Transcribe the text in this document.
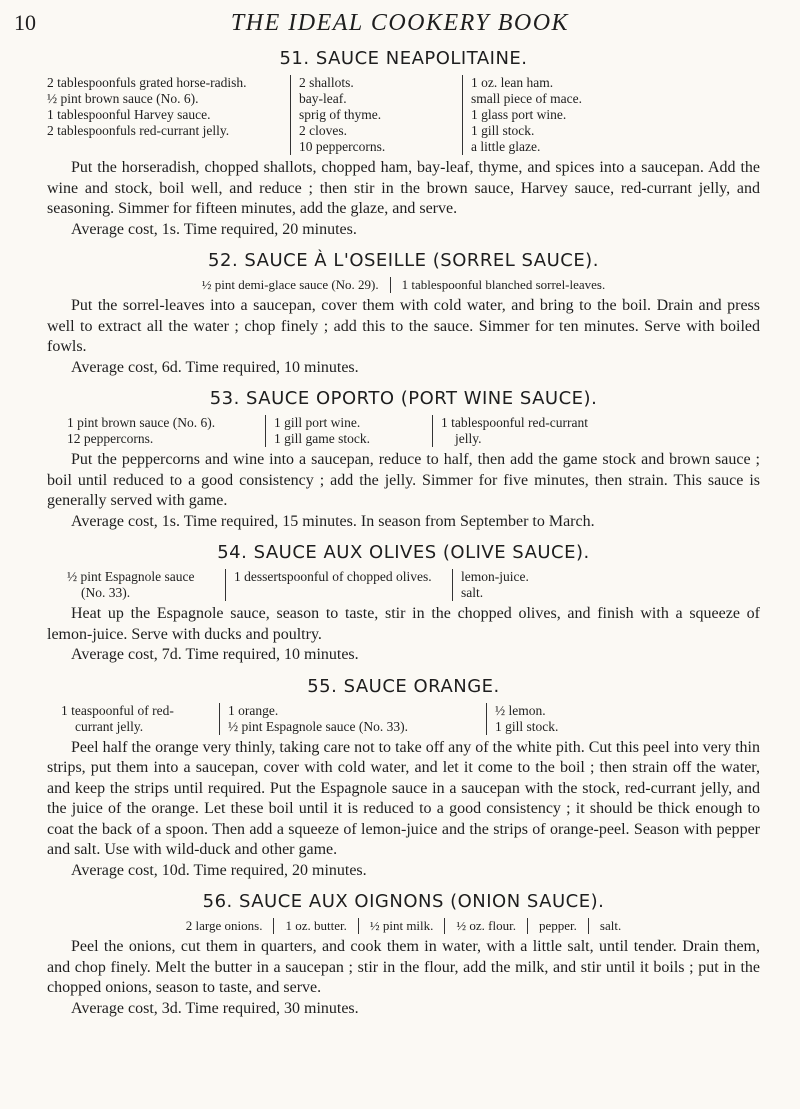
10	THE IDEAL COOKERY BOOK
51. SAUCE NEAPOLITAINE.
2 tablespoonfuls grated horse-radish.
½ pint brown sauce (No. 6).
1 tablespoonful Harvey sauce.
2 tablespoonfuls red-currant jelly.
2 shallots.
bay-leaf.
sprig of thyme.
2 cloves.
10 peppercorns.
1 oz. lean ham.
small piece of mace.
1 glass port wine.
1 gill stock.
a little glaze.

Put the horseradish, chopped shallots, chopped ham, bay-leaf, thyme, and spices into a saucepan. Add the wine and stock, boil well, and reduce ; then stir in the brown sauce, Harvey sauce, red-currant jelly, and seasoning. Simmer for fifteen minutes, add the glaze, and serve.

Average cost, 1s. Time required, 20 minutes.

52. SAUCE À L'OSEILLE (SORREL SAUCE).
½ pint demi-glace sauce (No. 29). 1 tablespoonful blanched sorrel-leaves.

Put the sorrel-leaves into a saucepan, cover them with cold water, and bring to the boil. Drain and press well to extract all the water ; chop finely ; add this to the sauce. Simmer for ten minutes. Serve with boiled fowls.

Average cost, 6d. Time required, 10 minutes.

53. SAUCE OPORTO (PORT WINE SAUCE).
1 pint brown sauce (No. 6).
12 peppercorns.
1 gill port wine.
1 gill game stock.
1 tablespoonful red-currant jelly.

Put the peppercorns and wine into a saucepan, reduce to half, then add the game stock and brown sauce ; boil until reduced to a good consistency ; add the jelly. Simmer for five minutes, then strain. This sauce is generally served with game.

Average cost, 1s. Time required, 15 minutes. In season from September to March.

54. SAUCE AUX OLIVES (OLIVE SAUCE).
½ pint Espagnole sauce (No. 33).
1 dessertspoonful of chopped olives.	lemon-juice.
salt.

Heat up the Espagnole sauce, season to taste, stir in the chopped olives, and finish with a squeeze of lemon-juice. Serve with ducks and poultry.

Average cost, 7d. Time required, 10 minutes.

55. SAUCE ORANGE.
1 teaspoonful of red-currant jelly.
1 orange.
½ pint Espagnole sauce (No. 33).
½ lemon.
1 gill stock.

Peel half the orange very thinly, taking care not to take off any of the white pith. Cut this peel into very thin strips, put them into a saucepan, cover with cold water, and let it come to the boil ; then strain off the water, and keep the strips until required. Put the Espagnole sauce in a saucepan with the stock, red-currant jelly, and the juice of the orange. Let these boil until it is reduced to a good consistency ; it should be thick enough to coat the back of a spoon. Then add a squeeze of lemon-juice and the strips of orange-peel. Season with pepper and salt. Use with wild-duck and other game.

Average cost, 10d. Time required, 20 minutes.

56. SAUCE AUX OIGNONS (ONION SAUCE).
2 large onions. 1 oz. butter. ½ pint milk. ½ oz. flour. pepper. salt.

Peel the onions, cut them in quarters, and cook them in water, with a little salt, until tender. Drain them, and chop finely. Melt the butter in a saucepan ; stir in the flour, add the milk, and stir until it boils ; put in the chopped onions, season to taste, and serve.

Average cost, 3d. Time required, 30 minutes.
